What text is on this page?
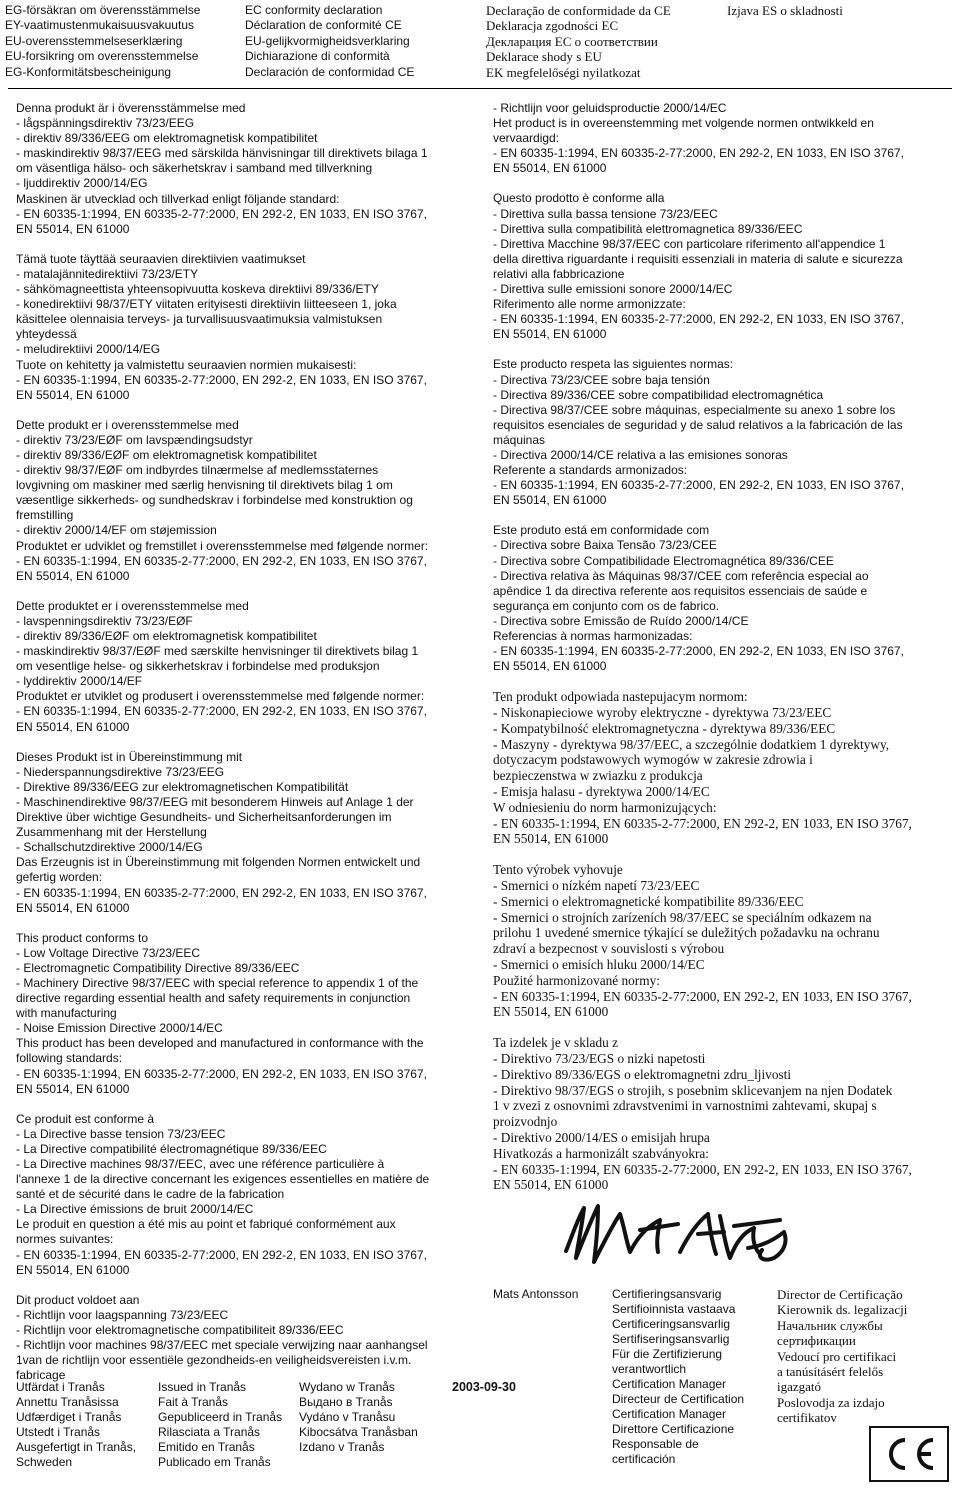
EG-försäkran om överensstämmelse
EY-vaatimustenmukaisuusvakuutus
EU-overensstemmelseserklæring
EU-forsikring om overensstemmelse
EG-Konformitätsbescheinigung
EC conformity declaration
Déclaration de conformité CE
EU-gelijkvormigheidsverklaring
Dichiarazione di conformità
Declaración de conformidad CE
Declaração de conformidade da CE
Deklaracja zgodności EC
Декларация ЕС о соответствии
Deklarace shody s EU
EK megfelelőségi nyilatkozat
Izjava ES o skladnosti
Denna produkt är i överensstämmelse med
- lågspänningsdirektiv 73/23/EEG
- direktiv 89/336/EEG om elektromagnetisk kompatibilitet
- maskindirektiv 98/37/EEG med särskilda hänvisningar till direktivets bilaga 1
om väsentliga hälso- och säkerhetskrav i samband med tillverkning
- ljuddirektiv 2000/14/EG
Maskinen är utvecklad och tillverkad enligt följande standard:
- EN 60335-1:1994, EN 60335-2-77:2000, EN 292-2, EN 1033, EN ISO 3767,
EN 55014, EN 61000
Tämä tuote täyttää seuraavien direktiivien vaatimukset
- matalajännitedirektiivi 73/23/ETY
- sähkömagneettista yhteensopivuutta koskeva direktiivi 89/336/ETY
- konedirektiivi 98/37/ETY viitaten erityisesti direktiivin liitteeseen 1, joka
käsittelee olennaisia terveys- ja turvallisuusvaatimuksia valmistuksen
yhteydessä
- meludirektiivi 2000/14/EG
Tuote on kehitetty ja valmistettu seuraavien normien mukaisesti:
- EN 60335-1:1994, EN 60335-2-77:2000, EN 292-2, EN 1033, EN ISO 3767,
EN 55014, EN 61000
Dette produkt er i overensstemmelse med
- direktiv 73/23/EØF om lavspændingsudstyr
- direktiv 89/336/EØF om elektromagnetisk kompatibilitet
- direktiv 98/37/EØF om indbyrdes tilnærmelse af medlemsstaternes
lovgivning om maskiner med særlig henvisning til direktivets bilag 1 om
væsentlige sikkerheds- og sundhedskrav i forbindelse med konstruktion og
fremstilling
- direktiv 2000/14/EF om støjemission
Produktet er udviklet og fremstillet i overensstemmelse med følgende normer:
- EN 60335-1:1994, EN 60335-2-77:2000, EN 292-2, EN 1033, EN ISO 3767,
EN 55014, EN 61000
Dette produktet er i overensstemmelse med
- lavspenningsdirektiv 73/23/EØF
- direktiv 89/336/EØF om elektromagnetisk kompatibilitet
- maskindirektiv 98/37/EØF med særskilte henvisninger til direktivets bilag 1
om vesentlige helse- og sikkerhetskrav i forbindelse med produksjon
- lyddirektiv 2000/14/EF
Produktet er utviklet og produsert i overensstemmelse med følgende normer:
- EN 60335-1:1994, EN 60335-2-77:2000, EN 292-2, EN 1033, EN ISO 3767,
EN 55014, EN 61000
Dieses Produkt ist in Übereinstimmung mit
- Niederspannungsdirektive 73/23/EEG
- Direktive 89/336/EEG zur elektromagnetischen Kompatibilität
- Maschinendirektive 98/37/EEG mit besonderem Hinweis auf Anlage 1 der
Direktive über wichtige Gesundheits- und Sicherheitsanforderungen im
Zusammenhang mit der Herstellung
- Schallschutzdirektive 2000/14/EG
Das Erzeugnis ist in Übereinstimmung mit folgenden Normen entwickelt und
gefertig worden:
- EN 60335-1:1994, EN 60335-2-77:2000, EN 292-2, EN 1033, EN ISO 3767,
EN 55014, EN 61000
This product conforms to
- Low Voltage Directive 73/23/EEC
- Electromagnetic Compatibility Directive 89/336/EEC
- Machinery Directive 98/37/EEC with special reference to appendix 1 of the
directive regarding essential health and safety requirements in conjunction
with manufacturing
- Noise Emission Directive 2000/14/EC
This product has been developed and manufactured in conformance with the
following standards:
- EN 60335-1:1994, EN 60335-2-77:2000, EN 292-2, EN 1033, EN ISO 3767,
EN 55014, EN 61000
Ce produit est conforme à
- La Directive basse tension 73/23/EEC
- La Directive compatibilité électromagnétique 89/336/EEC
- La Directive machines 98/37/EEC, avec une référence particulière à
l'annexe 1 de la directive concernant les exigences essentielles en matière de
santé et de sécurité dans le cadre de la fabrication
- La Directive émissions de bruit 2000/14/EC
Le produit en question a été mis au point et fabriqué conformément aux
normes suivantes:
- EN 60335-1:1994, EN 60335-2-77:2000, EN 292-2, EN 1033, EN ISO 3767,
EN 55014, EN 61000
Dit product voldoet aan
- Richtlijn voor laagspanning 73/23/EEC
- Richtlijn voor elektromagnetische compatibiliteit 89/336/EEC
- Richtlijn voor machines 98/37/EEC met speciale verwijzing naar aanhangsel
1van de richtlijn voor essentiële gezondheids-en veiligheidsvereisten i.v.m.
fabricage
- Richtlijn voor geluidsproductie 2000/14/EC
Het product is in overeenstemming met volgende normen ontwikkeld en
vervaardigd:
- EN 60335-1:1994, EN 60335-2-77:2000, EN 292-2, EN 1033, EN ISO 3767,
EN 55014, EN 61000
Questo prodotto è conforme alla
- Direttiva sulla bassa tensione 73/23/EEC
- Direttiva sulla compatibilità elettromagnetica 89/336/EEC
- Direttiva Macchine 98/37/EEC con particolare riferimento all'appendice 1
della direttiva riguardante i requisiti essenziali in materia di salute e sicurezza
relativi alla fabbricazione
- Direttiva sulle emissioni sonore 2000/14/EC
Riferimento alle norme armonizzate:
- EN 60335-1:1994, EN 60335-2-77:2000, EN 292-2, EN 1033, EN ISO 3767,
EN 55014, EN 61000
Este producto respeta las siguientes normas:
- Directiva 73/23/CEE sobre baja tensión
- Directiva 89/336/CEE sobre compatibilidad electromagnética
- Directiva 98/37/CEE sobre máquinas, especialmente su anexo 1 sobre los
requisitos esenciales de seguridad y de salud relativos a la fabricación de las
máquinas
- Directiva 2000/14/CE relativa a las emisiones sonoras
Referente a standards armonizados:
- EN 60335-1:1994, EN 60335-2-77:2000, EN 292-2, EN 1033, EN ISO 3767,
EN 55014, EN 61000
Este produto está em conformidade com
- Directiva sobre Baixa Tensão 73/23/CEE
- Directiva sobre Compatibilidade Electromagnética 89/336/CEE
- Directiva relativa às Máquinas 98/37/CEE com referência especial ao
apêndice 1 da directiva referente aos requisitos essenciais de saúde e
segurança em conjunto com os de fabrico.
- Directiva sobre Emissão de Ruído 2000/14/CE
Referencias à normas harmonizadas:
- EN 60335-1:1994, EN 60335-2-77:2000, EN 292-2, EN 1033, EN ISO 3767,
EN 55014, EN 61000
Ten produkt odpowiada nastepujacym normom:
- Niskonapieciowe wyroby elektryczne - dyrektywa 73/23/EEC
- Kompatybilność elektromagnetyczna - dyrektywa 89/336/EEC
- Maszyny - dyrektywa 98/37/EEC, a szczególnie dodatkiem 1 dyrektywy,
dotyczacym podstawowych wymogów w zakresie zdrowia i
bezpieczenstwa w zwiazku z produkcja
- Emisja halasu - dyrektywa 2000/14/EC
W odniesieniu do norm harmonizujących:
- EN 60335-1:1994, EN 60335-2-77:2000, EN 292-2, EN 1033, EN ISO 3767,
EN 55014, EN 61000
Tento výrobek vyhovuje
- Smernici o nízkém napetí 73/23/EEC
- Smernici o elektromagnetické kompatibilite 89/336/EEC
- Smernici o strojních zarízeních 98/37/EEC se speciálním odkazem na
prilohu 1 uvedené smernice týkající se duležitých požadavku na ochranu
zdraví a bezpecnost v souvislosti s výrobou
- Smernici o emisích hluku 2000/14/EC
Použité harmonizované normy:
- EN 60335-1:1994, EN 60335-2-77:2000, EN 292-2, EN 1033, EN ISO 3767,
EN 55014, EN 61000
Ta izdelek je v skladu z
- Direktivo 73/23/EGS o nizki napetosti
- Direktivo 89/336/EGS o elektromagnetni zdru_ljivosti
- Direktivo 98/37/EGS o strojih, s posebnim sklicevanjem na njen Dodatek
1 v zvezi z osnovnimi zdravstvenimi in varnostnimi zahtevami, skupaj s
proizvodnjo
- Direktivo 2000/14/ES o emisijah hrupa
Hivatkozás a harmonizált szabványokra:
- EN 60335-1:1994, EN 60335-2-77:2000, EN 292-2, EN 1033, EN ISO 3767,
EN 55014, EN 61000
Mats Antonsson	Certifieringsansvarig
Sertifioinnista vastaava
Certificeringsansvarlig
Sertifiseringsansvarlig
Für die Zertifizierung
verantwortlich
Certification Manager
Directeur de Certification
Certification Manager
Direttore Certificazione
Responsable de
certificación
Director de Certificação
Kierownik ds. legalizacji
Начальник службы
сертификации
Vedoucí pro certifikaci
a tanúsításért felelős
igazgató
Poslovodja za izdajo
certifikatov
Utfärdat i Tranås
Annettu Tranåsissa
Udfærdiget i Tranås
Utstedt i Tranås
Ausgefertigt in Tranås,
Schweden
Issued in Tranås
Fait à Tranås
Gepubliceerd in Tranås
Rilasciata a Tranås
Emitido en Tranås
Publicado em Tranås
Wydano w Tranås
Выдано в Tranås
Vydáno v Tranåsu
Kibocsátva Tranåsban
Izdano v Tranås
2003-09-30
